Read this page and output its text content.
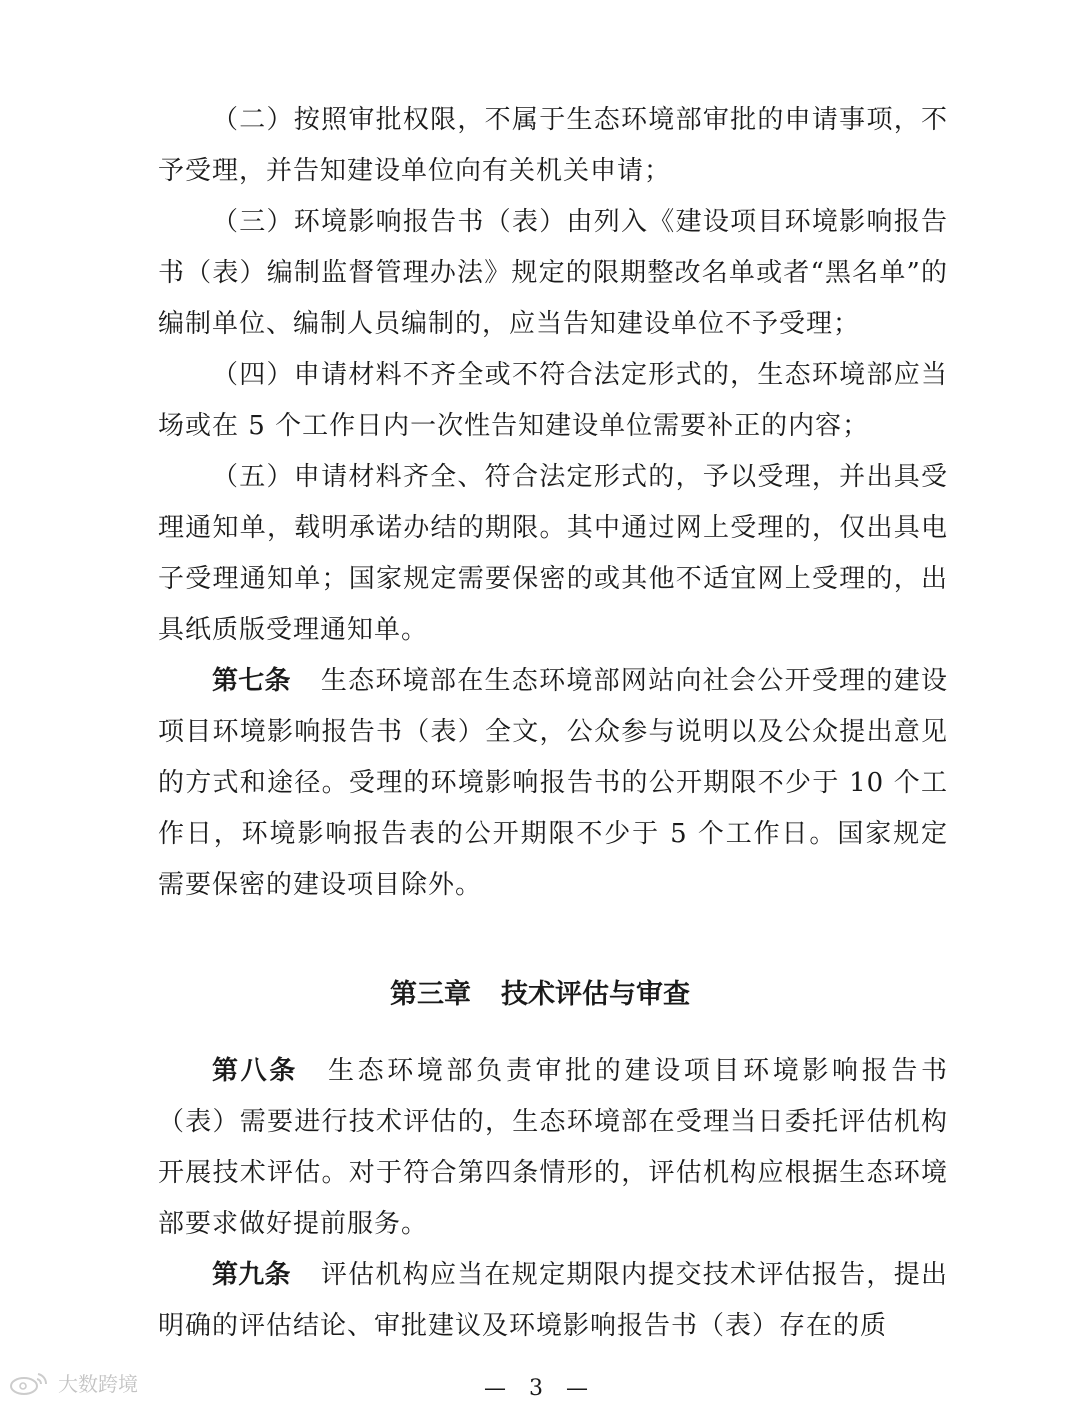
（二）按照审批权限，不属于生态环境部审批的申请事项，不予受理，并告知建设单位向有关机关申请；

（三）环境影响报告书（表）由列入《建设项目环境影响报告书（表）编制监督管理办法》规定的限期整改名单或者“黑名单”的编制单位、编制人员编制的，应当告知建设单位不予受理；

（四）申请材料不齐全或不符合法定形式的，生态环境部应当场或在 5 个工作日内一次性告知建设单位需要补正的内容；

（五）申请材料齐全、符合法定形式的，予以受理，并出具受理通知单，载明承诺办结的期限。其中通过网上受理的，仅出具电子受理通知单；国家规定需要保密的或其他不适宜网上受理的，出具纸质版受理通知单。

第七条 生态环境部在生态环境部网站向社会公开受理的建设项目环境影响报告书（表）全文，公众参与说明以及公众提出意见的方式和途径。受理的环境影响报告书的公开期限不少于 10 个工作日，环境影响报告表的公开期限不少于 5 个工作日。国家规定需要保密的建设项目除外。

第三章 技术评估与审查

第八条 生态环境部负责审批的建设项目环境影响报告书（表）需要进行技术评估的，生态环境部在受理当日委托评估机构开展技术评估。对于符合第四条情形的，评估机构应根据生态环境部要求做好提前服务。

第九条 评估机构应当在规定期限内提交技术评估报告，提出明确的评估结论、审批建议及环境影响报告书（表）存在的质

大数跨境	— 3 —
